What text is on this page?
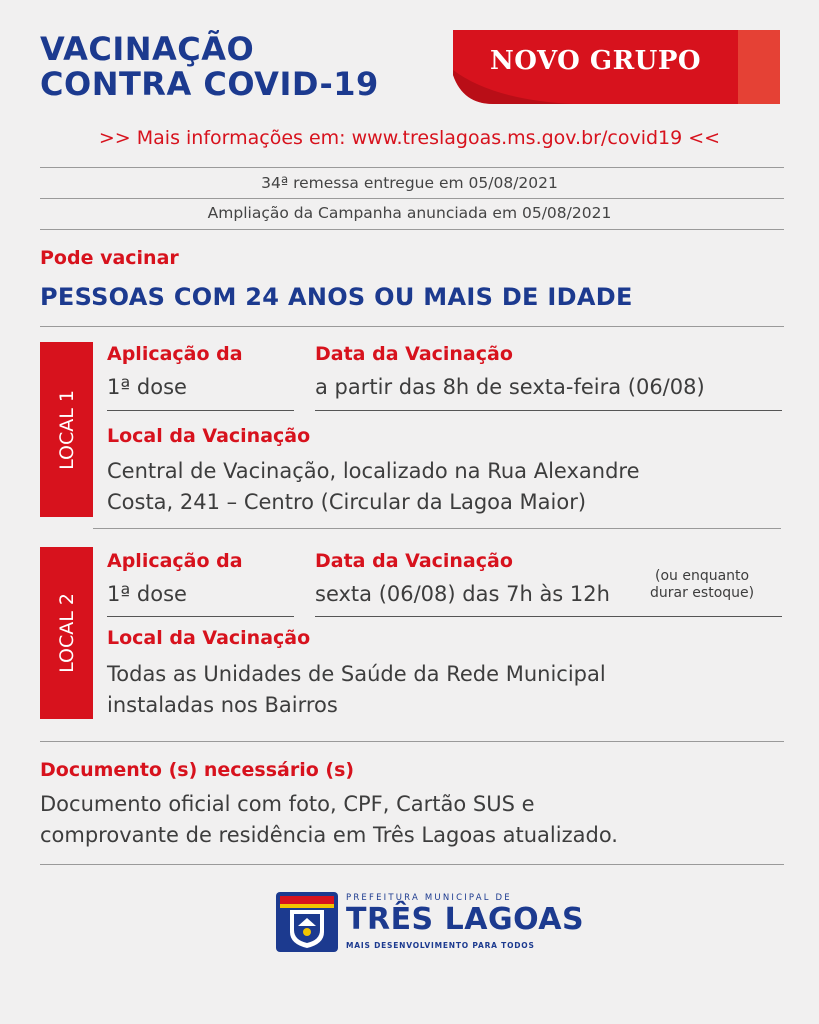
VACINAÇÃO
CONTRA COVID-19
NOVO GRUPO
>> Mais informações em: www.treslagoas.ms.gov.br/covid19 <<
34ª remessa entregue em 05/08/2021
Ampliação da Campanha anunciada em 05/08/2021
Pode vacinar
PESSOAS COM 24 ANOS OU MAIS DE IDADE
LOCAL 1
Aplicação da
1ª dose
Data da Vacinação
a partir das 8h de sexta-feira (06/08)
Local da Vacinação
Central de Vacinação, localizado na Rua Alexandre
Costa, 241 – Centro (Circular da Lagoa Maior)
LOCAL 2
Aplicação da
1ª dose
Data da Vacinação
sexta (06/08) das 7h às 12h
(ou enquanto
durar estoque)
Local da Vacinação
Todas as Unidades de Saúde da Rede Municipal
instaladas nos Bairros
Documento (s) necessário (s)
Documento oficial com foto, CPF, Cartão SUS e
comprovante de residência em Três Lagoas atualizado.
PREFEITURA MUNICIPAL DE
TRÊS LAGOAS
MAIS DESENVOLVIMENTO PARA TODOS
